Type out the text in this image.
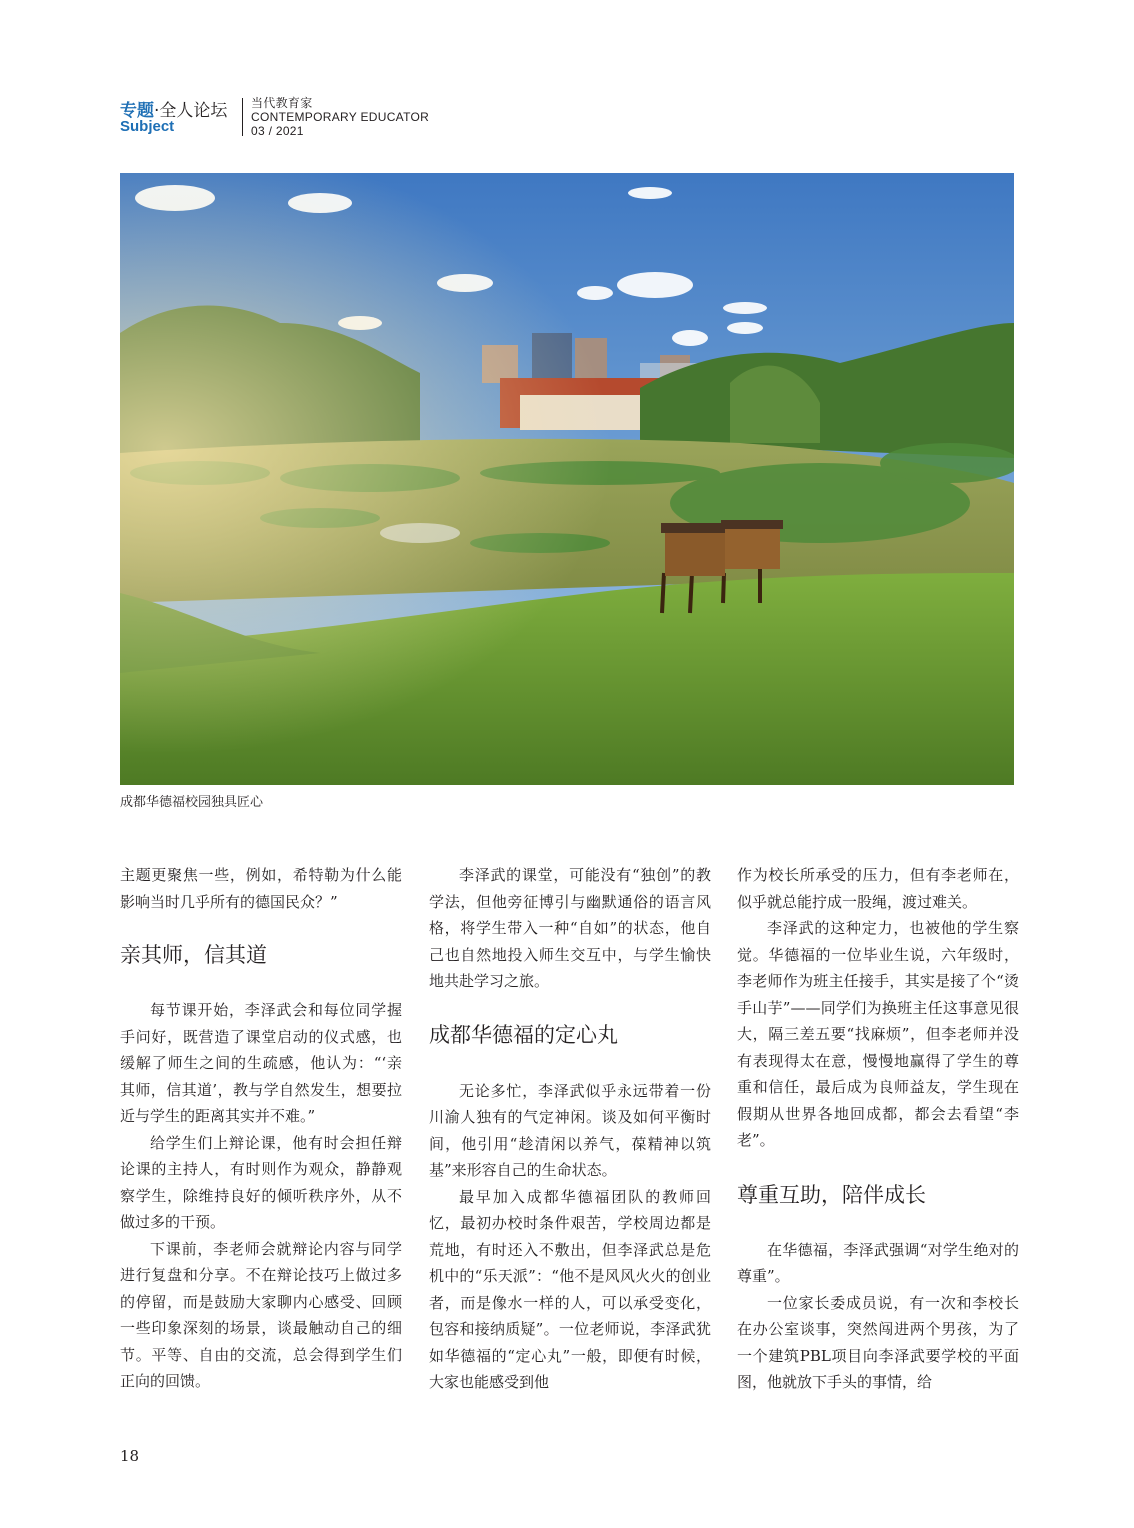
专题·全人论坛
Subject
当代教育家
CONTEMPORARY EDUCATOR
03 / 2021
成都华德福校园独具匠心

主题更聚焦一些，例如，希特勒为什么能影响当时几乎所有的德国民众？”

亲其师，信其道

每节课开始，李泽武会和每位同学握手问好，既营造了课堂启动的仪式感，也缓解了师生之间的生疏感，他认为：“‘亲其师，信其道’，教与学自然发生，想要拉近与学生的距离其实并不难。”

给学生们上辩论课，他有时会担任辩论课的主持人，有时则作为观众，静静观察学生，除维持良好的倾听秩序外，从不做过多的干预。

下课前，李老师会就辩论内容与同学进行复盘和分享。不在辩论技巧上做过多的停留，而是鼓励大家聊内心感受、回顾一些印象深刻的场景，谈最触动自己的细节。平等、自由的交流，总会得到学生们正向的回馈。

李泽武的课堂，可能没有“独创”的教学法，但他旁征博引与幽默通俗的语言风格，将学生带入一种“自如”的状态，他自己也自然地投入师生交互中，与学生愉快地共赴学习之旅。

成都华德福的定心丸

无论多忙，李泽武似乎永远带着一份川渝人独有的气定神闲。谈及如何平衡时间，他引用“趁清闲以养气，葆精神以筑基”来形容自己的生命状态。

最早加入成都华德福团队的教师回忆，最初办校时条件艰苦，学校周边都是荒地，有时还入不敷出，但李泽武总是危机中的“乐天派”：“他不是风风火火的创业者，而是像水一样的人，可以承受变化，包容和接纳质疑”。一位老师说，李泽武犹如华德福的“定心丸”一般，即便有时候，大家也能感受到他

作为校长所承受的压力，但有李老师在，似乎就总能拧成一股绳，渡过难关。

李泽武的这种定力，也被他的学生察觉。华德福的一位毕业生说，六年级时，李老师作为班主任接手，其实是接了个“烫手山芋”——同学们为换班主任这事意见很大，隔三差五要“找麻烦”，但李老师并没有表现得太在意，慢慢地赢得了学生的尊重和信任，最后成为良师益友，学生现在假期从世界各地回成都，都会去看望“李老”。

尊重互助，陪伴成长

在华德福，李泽武强调“对学生绝对的尊重”。

一位家长委成员说，有一次和李校长在办公室谈事，突然闯进两个男孩，为了一个建筑PBL项目向李泽武要学校的平面图，他就放下手头的事情，给

18
